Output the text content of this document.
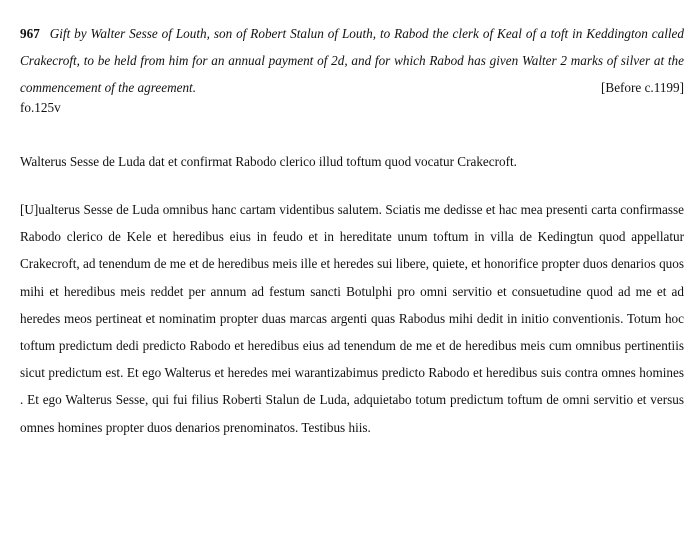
967 Gift by Walter Sesse of Louth, son of Robert Stalun of Louth, to Rabod the clerk of Keal of a toft in Keddington called Crakecroft, to be held from him for an annual payment of 2d, and for which Rabod has given Walter 2 marks of silver at the commencement of the agreement.	[Before c.1199]
fo.125v
Walterus Sesse de Luda dat et confirmat Rabodo clerico illud toftum quod vocatur Crakecroft.
[U]ualterus Sesse de Luda omnibus hanc cartam videntibus salutem. Sciatis me dedisse et hac mea presenti carta confirmasse Rabodo clerico de Kele et heredibus eius in feudo et in hereditate unum toftum in villa de Kedingtun quod appellatur Crakecroft, ad tenendum de me et de heredibus meis ille et heredes sui libere, quiete, et honorifice propter duos denarios quos mihi et heredibus meis reddet per annum ad festum sancti Botulphi pro omni servitio et consuetudine quod ad me et ad heredes meos pertineat et nominatim propter duas marcas argenti quas Rabodus mihi dedit in initio conventionis. Totum hoc toftum predictum dedi predicto Rabodo et heredibus eius ad tenendum de me et de heredibus meis cum omnibus pertinentiis sicut predictum est. Et ego Walterus et heredes mei warantizabimus predicto Rabodo et heredibus suis contra omnes homines . Et ego Walterus Sesse, qui fui filius Roberti Stalun de Luda, adquietabo totum predictum toftum de omni servitio et versus omnes homines propter duos denarios prenominatos. Testibus hiis.
